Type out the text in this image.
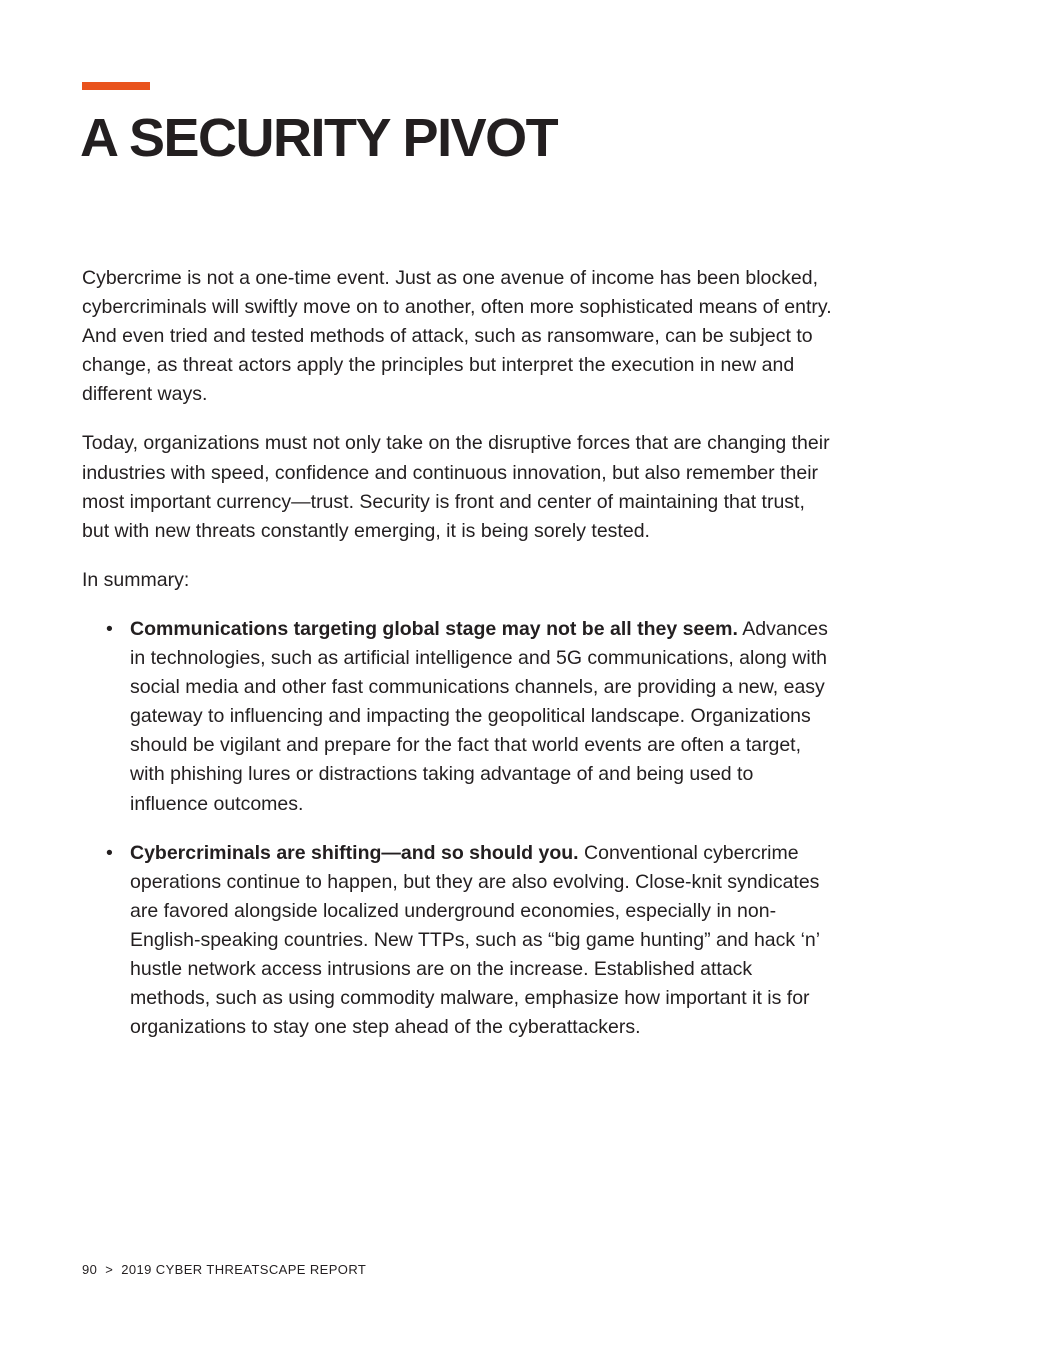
A SECURITY PIVOT

Cybercrime is not a one-time event. Just as one avenue of income has been blocked, cybercriminals will swiftly move on to another, often more sophisticated means of entry. And even tried and tested methods of attack, such as ransomware, can be subject to change, as threat actors apply the principles but interpret the execution in new and different ways.

Today, organizations must not only take on the disruptive forces that are changing their industries with speed, confidence and continuous innovation, but also remember their most important currency—trust. Security is front and center of maintaining that trust, but with new threats constantly emerging, it is being sorely tested.

In summary:

• Communications targeting global stage may not be all they seem. Advances in technologies, such as artificial intelligence and 5G communications, along with social media and other fast communications channels, are providing a new, easy gateway to influencing and impacting the geopolitical landscape. Organizations should be vigilant and prepare for the fact that world events are often a target, with phishing lures or distractions taking advantage of and being used to influence outcomes.
• Cybercriminals are shifting—and so should you. Conventional cybercrime operations continue to happen, but they are also evolving. Close-knit syndicates are favored alongside localized underground economies, especially in non-English-speaking countries. New TTPs, such as “big game hunting” and hack ‘n’ hustle network access intrusions are on the increase. Established attack methods, such as using commodity malware, emphasize how important it is for organizations to stay one step ahead of the cyberattackers.
90 > 2019 CYBER THREATSCAPE REPORT
